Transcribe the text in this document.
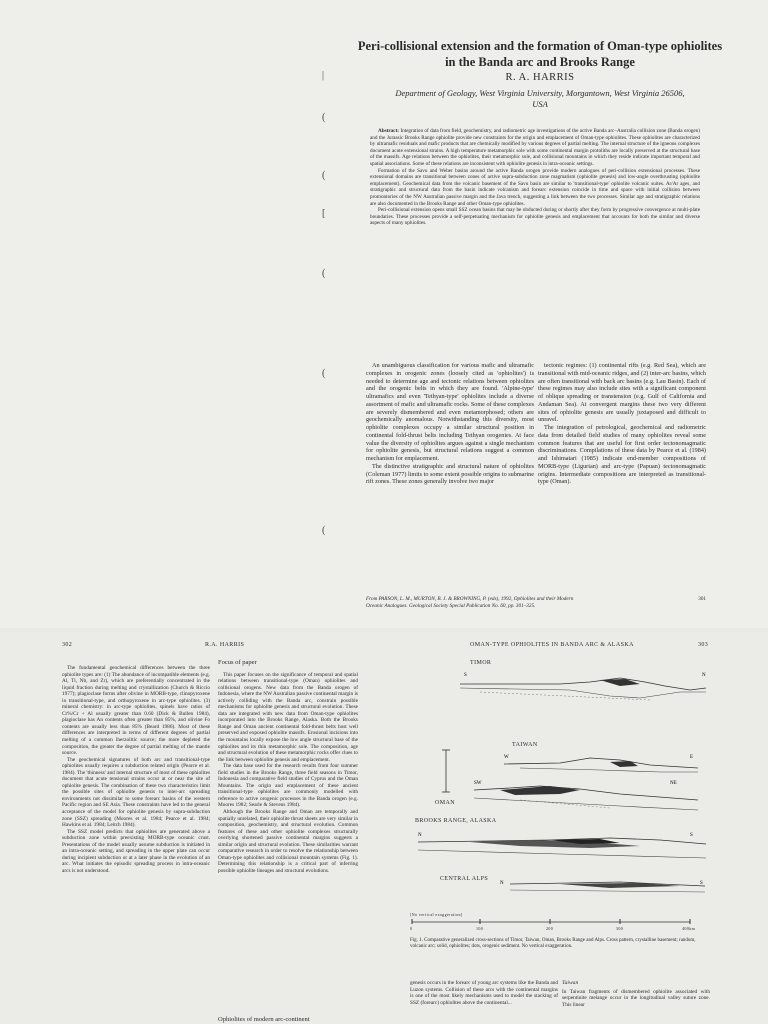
|
(
(
[
(
(
(
Peri-collisional extension and the formation of Oman-type ophiolites
in the Banda arc and Brooks Range
R. A. HARRIS
Department of Geology, West Virginia University, Morgantown, West Virginia 26506,
USA

Abstract: Integration of data from field, geochemistry, and radiometric age investigations of the active Banda arc–Australia collision zone (Banda orogen) and the Jurassic Brooks Range ophiolite provide new constraints for the origin and emplacement of Oman-type ophiolites. These ophiolites are characterized by ultramafic residuals and mafic products that are chemically modified by various degrees of partial melting. The internal structure of the igneous complexes document acute extensional strains. A high temperature metamorphic sole with some continental margin protoliths are locally preserved at the structural base of the massifs. Age relations between the ophiolites, their metamorphic sole, and collisional mountains in which they reside indicate important temporal and spatial associations. Some of these relations are inconsistent with ophiolite genesis in intra-oceanic settings.

Formation of the Savu and Weber basins around the active Banda orogen provide modern analogues of peri-collision extensional processes. These extensional domains are transitional between zones of active supra-subduction zone magmatism (ophiolite genesis) and low-angle overthrusting (ophiolite emplacement). Geochemical data from the volcanic basement of the Savu basin are similar to 'transitional-type' ophiolite volcanic suites. Ar/Ar ages, and stratigraphic and structural data from the basin indicate volcanism and forearc extension coincide in time and space with initial collision between promontories of the NW Australian passive margin and the Java trench, suggesting a link between the two processes. Similar age and stratigraphic relations are also documented in the Brooks Range and other Oman-type ophiolites.

Peri-collisional extension opens small SSZ ocean basins that may be obducted during or shortly after they form by progressive convergence at multi-plate boundaries. These processes provide a self-perpetuating mechanism for ophiolite genesis and emplacement that accounts for both the similar and diverse aspects of many ophiolites.

An unambiguous classification for various mafic and ultramafic complexes in orogenic zones (loosely cited as 'ophiolites') is needed to determine age and tectonic relations between ophiolites and the orogenic belts in which they are found. 'Alpine-type' ultramafics and even 'Tethyan-type' ophiolites include a diverse assortment of mafic and ultramafic rocks. Some of these complexes are severely dismembered and even metamorphosed; others are geochemically anomalous. Notwithstanding this diversity, most ophiolite complexes occupy a similar structural position in continental fold-thrust belts including Tethyan orogenies. At face value the diversity of ophiolites argues against a single mechanism for ophiolite genesis, but structural relations suggest a common mechanism for emplacement.

The distinctive stratigraphic and structural nature of ophiolites (Coleman 1977) limits to some extent possible origins to submarine rift zones. These zones generally involve two major

tectonic regimes: (1) continental rifts (e.g. Red Sea), which are transitional with mid-oceanic ridges, and (2) inter-arc basins, which are often transitional with back arc basins (e.g. Lau Basin). Each of these regimes may also include sites with a significant component of oblique spreading or transtension (e.g. Gulf of California and Andaman Sea). At convergent margins these two very different sites of ophiolite genesis are usually juxtaposed and difficult to unravel.

The integration of petrological, geochemical and radiometric data from detailed field studies of many ophiolites reveal some common features that are useful for first order tectonomagmatic discriminations. Compilations of these data by Pearce et al. (1984) and Ishimatari (1985) indicate end-member compositions of MORB-type (Ligurian) and arc-type (Papuan) tectonomagmatic origins. Intermediate compositions are interpreted as transitional-type (Oman).

From PARSON, L. M., MURTON, B. J. & BROWNING, P. (eds), 1992, Ophiolites and their Modern
Oceanic Analogues. Geological Society Special Publication No. 60, pp. 301–325.
301
302	R.A. HARRIS

The fundamental geochemical differences between the three ophiolite types are: (1) The abundance of incompatible elements (e.g. Al, Ti, Nb, and Zr), which are preferentially concentrated in the liquid fraction during melting and crystallization (Church & Riccio 1977); plagioclase forms after olivine in MORB-type, clinopyroxene in transitional-type, and orthopyroxene in arc-type ophiolites. (3) mineral chemistry: in arc-type ophiolites, spinels have ratios of Cr%/Cr + Al usually greater than 0.60 (Dick & Bullen 1984), plagioclase has An contents often greater than 85%, and olivine Fo contents are usually less than 85% (Beard 1986). Most of these differences are interpreted in terms of different degrees of partial melting of a common lherzolitic source; the more depleted the composition, the greater the degree of partial melting of the mantle source.

The geochemical signatures of both arc and transitional-type ophiolites usually requires a subduction related origin (Pearce et al. 1984). The 'thinness' and internal structure of most of these ophiolites document that acute tensional strains occur at or near the site of ophiolite genesis. The combination of these two characteristics limit the possible sites of ophiolite genesis to inter-arc spreading environments not dissimilar to some forearc basins of the western Pacific region and SE Asia. These constraints have led to the general acceptance of the model for ophiolite genesis by supra-subduction zone (SSZ) spreading (Moores et al. 1984; Pearce et al. 1984; Hawkins et al. 1984; Leitch 1984).

The SSZ model predicts that ophiolites are generated above a subduction zone within preexisting MORB-type oceanic crust. Presentations of the model usually assume subduction is initiated in an intra-oceanic setting, and spreading in the upper plate can occur during incipient subduction or at a later phase in the evolution of an arc. What initiates the episodic spreading process in intra-oceanic arcs is not understood.

Focus of paper

This paper focuses on the significance of temporal and spatial relations between transitional-type (Oman) ophiolites and collisional orogens. New data from the Banda orogen of Indonesia, where the NW Australian passive continental margin is actively colliding with the Banda arc, constrain possible mechanisms for ophiolite genesis and structural evolution. These data are integrated with new data from Oman-type ophiolites incorporated into the Brooks Range, Alaska. Both the Brooks Range and Oman ancient continental fold-thrust belts host well preserved and exposed ophiolite massifs. Erosional incisions into the mountains locally expose the low angle structural base of the ophiolites and its thin metamorphic sole. The composition, age and structural evolution of these metamorphic rocks offer clues to the link between ophiolite genesis and emplacement.

The data base used for the research results from four summer field studies in the Brooks Range, three field seasons in Timor, Indonesia and comparative field studies of Cyprus and the Oman Mountains. The origin and emplacement of these ancient transitional-type ophiolites are commonly modelled with reference to active orogenic processes in the Banda orogen (e.g. Moores 1982; Searle & Stevens 1984).

Although the Brooks Range and Oman are temporally and spatially unrelated, their ophiolite thrust sheets are very similar in composition, geochemistry, and structural evolution. Common features of these and other ophiolite complexes structurally overlying shortened passive continental margins suggests a similar origin and structural evolution. These similarities warrant comparative research in order to resolve the relationship between Oman-type ophiolites and collisional mountain systems (Fig. 1). Determining this relationship is a critical part of inferring possible ophiolite lineages and structural evolutions.

Ophiolites of modern arc-continent
OMAN-TYPE OPHIOLITES IN BANDA ARC & ALASKA	303
TIMOR
TAIWAN
OMAN
BROOKS RANGE, ALASKA
CENTRAL ALPS
S	N
W	E
SW	NE
N	S
N	S
[No vertical exaggeration]
0	100	200	300	400km
Fig. 1. Comparative generalized cross-sections of Timor, Taiwan, Oman, Brooks Range and Alps. Cross pattern, crystalline basement; random, volcanic arc; solid, ophiolites; dots, orogenic sediment. No vertical exaggeration.

genesis occurs in the forearc of young arc systems like the Banda and Luzon systems. Collision of these arcs with the continental margins is one of the most likely mechanisms used to model the stacking of SSZ (forearc) ophiolites above the continental...

Taiwan

In Taiwan fragments of dismembered ophiolite associated with serpentinite melange occur in the longitudinal valley suture zone. This linear
